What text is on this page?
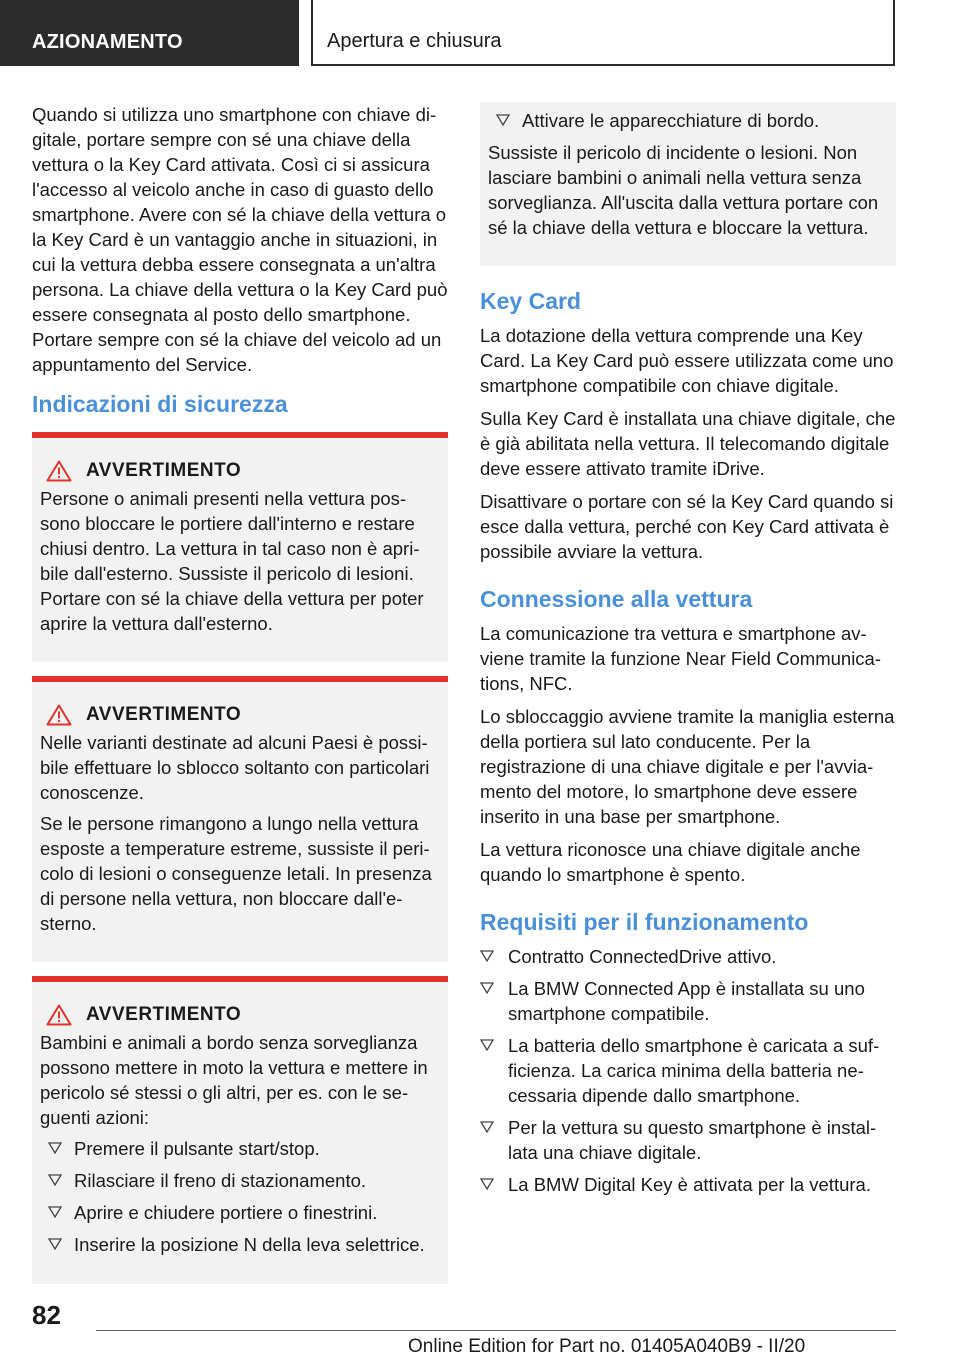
AZIONAMENTO	Apertura e chiusura

Quando si utilizza uno smartphone con chiave digitale, portare sempre con sé una chiave della vettura o la Key Card attivata. Così ci si assicura l'accesso al veicolo anche in caso di guasto dello smartphone. Avere con sé la chiave della vettura o la Key Card è un vantaggio anche in situazioni, in cui la vettura debba essere consegnata a un'altra persona. La chiave della vettura o la Key Card può essere consegnata al posto dello smartphone. Portare sempre con sé la chiave del veicolo ad un appuntamento del Service.

Indicazioni di sicurezza
AVVERTIMENTO

Persone o animali presenti nella vettura possono bloccare le portiere dall'interno e restare chiusi dentro. La vettura in tal caso non è apribile dall'esterno. Sussiste il pericolo di lesioni. Portare con sé la chiave della vettura per poter aprire la vettura dall'esterno.

AVVERTIMENTO

Nelle varianti destinate ad alcuni Paesi è possibile effettuare lo sblocco soltanto con particolari conoscenze.

Se le persone rimangono a lungo nella vettura esposte a temperature estreme, sussiste il pericolo di lesioni o conseguenze letali. In presenza di persone nella vettura, non bloccare dall'esterno.

AVVERTIMENTO

Bambini e animali a bordo senza sorveglianza possono mettere in moto la vettura e mettere in pericolo sé stessi o gli altri, per es. con le seguenti azioni:

Premere il pulsante start/stop.
Rilasciare il freno di stazionamento.
Aprire e chiudere portiere o finestrini.
Inserire la posizione N della leva selettrice.
Attivare le apparecchiature di bordo.

Sussiste il pericolo di incidente o lesioni. Non lasciare bambini o animali nella vettura senza sorveglianza. All'uscita dalla vettura portare con sé la chiave della vettura e bloccare la vettura.

Key Card

La dotazione della vettura comprende una Key Card. La Key Card può essere utilizzata come uno smartphone compatibile con chiave digitale.

Sulla Key Card è installata una chiave digitale, che è già abilitata nella vettura. Il telecomando digitale deve essere attivato tramite iDrive.

Disattivare o portare con sé la Key Card quando si esce dalla vettura, perché con Key Card attivata è possibile avviare la vettura.

Connessione alla vettura

La comunicazione tra vettura e smartphone avviene tramite la funzione Near Field Communications, NFC.

Lo sbloccaggio avviene tramite la maniglia esterna della portiera sul lato conducente. Per la registrazione di una chiave digitale e per l'avviamento del motore, lo smartphone deve essere inserito in una base per smartphone.

La vettura riconosce una chiave digitale anche quando lo smartphone è spento.

Requisiti per il funzionamento
Contratto ConnectedDrive attivo.
La BMW Connected App è installata su uno smartphone compatibile.
La batteria dello smartphone è caricata a sufficienza. La carica minima della batteria necessaria dipende dallo smartphone.
Per la vettura su questo smartphone è installata una chiave digitale.
La BMW Digital Key è attivata per la vettura.
82
Online Edition for Part no. 01405A040B9 - II/20
